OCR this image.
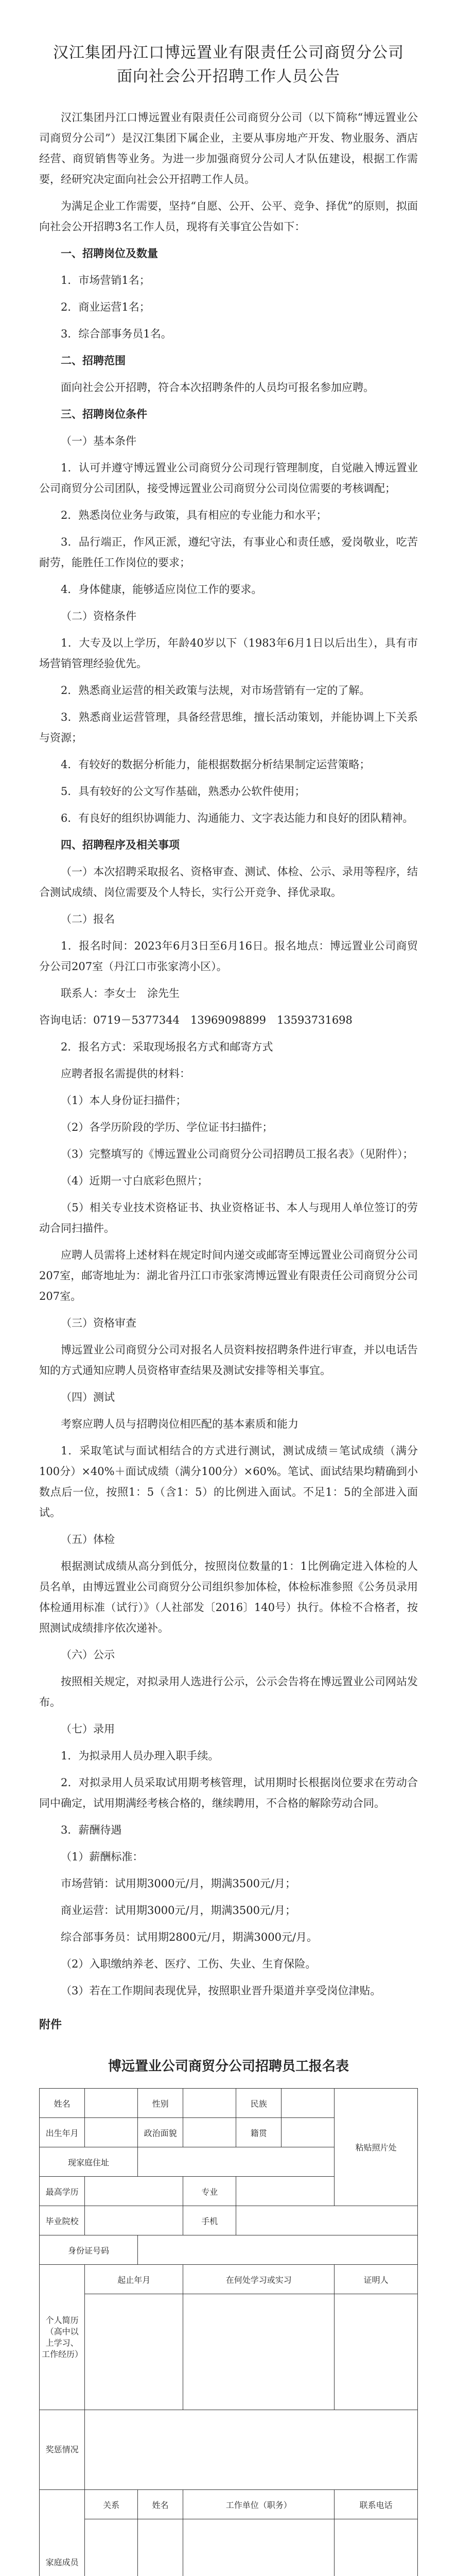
汉江集团丹江口博远置业有限责任公司商贸分公司
面向社会公开招聘工作人员公告

汉江集团丹江口博远置业有限责任公司商贸分公司（以下简称“博远置业公司商贸分公司”）是汉江集团下属企业，主要从事房地产开发、物业服务、酒店经营、商贸销售等业务。为进一步加强商贸分公司人才队伍建设，根据工作需要，经研究决定面向社会公开招聘工作人员。

为满足企业工作需要，坚持“自愿、公开、公平、竞争、择优”的原则，拟面向社会公开招聘3名工作人员，现将有关事宜公告如下：

一、招聘岗位及数量

1．市场营销1名；

2．商业运营1名；

3．综合部事务员1名。

二、招聘范围

面向社会公开招聘，符合本次招聘条件的人员均可报名参加应聘。

三、招聘岗位条件

（一）基本条件

1．认可并遵守博远置业公司商贸分公司现行管理制度，自觉融入博远置业公司商贸分公司团队，接受博远置业公司商贸分公司岗位需要的考核调配；

2．熟悉岗位业务与政策，具有相应的专业能力和水平；

3．品行端正，作风正派，遵纪守法，有事业心和责任感，爱岗敬业，吃苦耐劳，能胜任工作岗位的要求；

4．身体健康，能够适应岗位工作的要求。

（二）资格条件

1．大专及以上学历，年龄40岁以下（1983年6月1日以后出生），具有市场营销管理经验优先。

2．熟悉商业运营的相关政策与法规，对市场营销有一定的了解。

3．熟悉商业运营管理，具备经营思维，擅长活动策划，并能协调上下关系与资源；

4．有较好的数据分析能力，能根据数据分析结果制定运营策略；

5．具有较好的公文写作基础，熟悉办公软件使用；

6．有良好的组织协调能力、沟通能力、文字表达能力和良好的团队精神。

四、招聘程序及相关事项

（一）本次招聘采取报名、资格审查、测试、体检、公示、录用等程序，结合测试成绩、岗位需要及个人特长，实行公开竞争、择优录取。

（二）报名

1．报名时间：2023年6月3日至6月16日。报名地点：博远置业公司商贸分公司207室（丹江口市张家湾小区）。

联系人：李女士　涂先生

咨询电话：0719－5377344　13969098899　13593731698

2．报名方式：采取现场报名方式和邮寄方式

应聘者报名需提供的材料：

（1）本人身份证扫描件；

（2）各学历阶段的学历、学位证书扫描件；

（3）完整填写的《博远置业公司商贸分公司招聘员工报名表》（见附件）；

（4）近期一寸白底彩色照片；

（5）相关专业技术资格证书、执业资格证书、本人与现用人单位签订的劳动合同扫描件。

应聘人员需将上述材料在规定时间内递交或邮寄至博远置业公司商贸分公司207室，邮寄地址为：湖北省丹江口市张家湾博远置业有限责任公司商贸分公司207室。

（三）资格审查

博远置业公司商贸分公司对报名人员资料按招聘条件进行审查，并以电话告知的方式通知应聘人员资格审查结果及测试安排等相关事宜。

（四）测试

考察应聘人员与招聘岗位相匹配的基本素质和能力

1．采取笔试与面试相结合的方式进行测试，测试成绩＝笔试成绩（满分100分）×40%＋面试成绩（满分100分）×60%。笔试、面试结果均精确到小数点后一位，按照1：5（含1：5）的比例进入面试。不足1：5的全部进入面试。

（五）体检

根据测试成绩从高分到低分，按照岗位数量的1：1比例确定进入体检的人员名单，由博远置业公司商贸分公司组织参加体检，体检标准参照《公务员录用体检通用标准（试行）》（人社部发〔2016〕140号）执行。体检不合格者，按照测试成绩排序依次递补。

（六）公示

按照相关规定，对拟录用人选进行公示，公示会告将在博远置业公司网站发布。

（七）录用

1．为拟录用人员办理入职手续。

2．对拟录用人员采取试用期考核管理，试用期时长根据岗位要求在劳动合同中确定，试用期满经考核合格的，继续聘用，不合格的解除劳动合同。

3．薪酬待遇

（1）薪酬标准：

市场营销：试用期3000元/月，期满3500元/月；

商业运营：试用期3000元/月，期满3500元/月；

综合部事务员：试用期2800元/月，期满3000元/月。

（2）入职缴纳养老、医疗、工伤、失业、生育保险。

（3）若在工作期间表现优异，按照职业晋升渠道并享受岗位津贴。

附件

博远置业公司商贸分公司招聘员工报名表
姓名		性别		民族		粘贴照片处
出生年月		政治面貌		籍贯		
现家庭住址						
最高学历			专业			
毕业院校			手机			
身份证号码						
个人简历（高中以上学习、工作经历）	起止年月		在何处学习或实习			证明人

奖惩情况						
家庭成员	关系	姓名	工作单位（职务）			联系电话
